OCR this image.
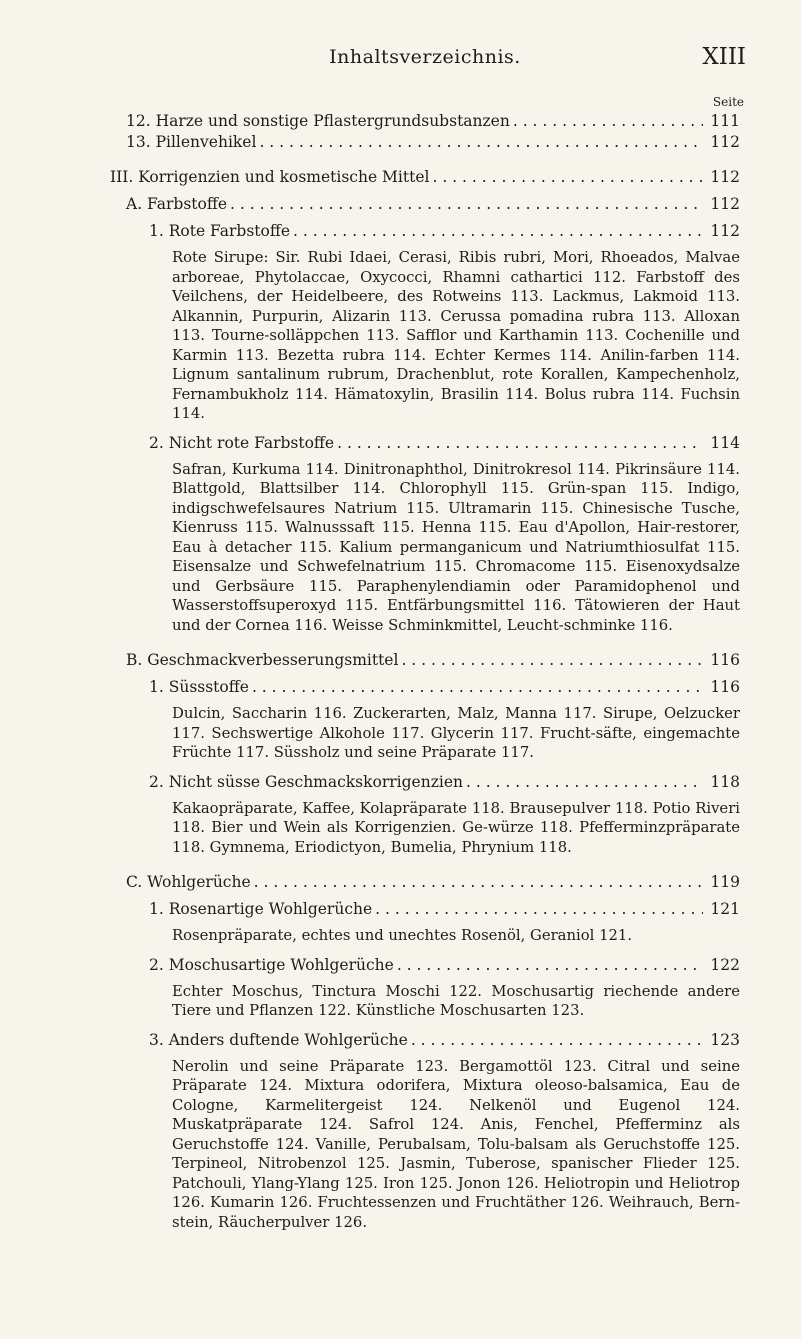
Inhaltsverzeichnis.	XIII
Seite
12. Harze und sonstige Pflastergrundsubstanzen . . .	111
13. Pillenvehikel . . .	112
III. Korrigenzien und kosmetische Mittel . . .	112
A. Farbstoffe . . .	112
1. Rote Farbstoffe . . .	112
Rote Sirupe: Sir. Rubi Idaei, Cerasi, Ribis rubri, Mori, Rhoeados, Malvae arboreae, Phytolaccae, Oxycocci, Rhamni cathartici 112. Farbstoff des Veilchens, der Heidelbeere, des Rotweins 113. Lackmus, Lakmoid 113. Alkannin, Purpurin, Alizarin 113. Cerussa pomadina rubra 113. Alloxan 113. Tourne-solläppchen 113. Safflor und Karthamin 113. Cochenille und Karmin 113. Bezetta rubra 114. Echter Kermes 114. Anilin-farben 114. Lignum santalinum rubrum, Drachenblut, rote Korallen, Kampechenholz, Fernambukholz 114. Hämatoxylin, Brasilin 114. Bolus rubra 114. Fuchsin 114.
2. Nicht rote Farbstoffe . . .	114
Safran, Kurkuma 114. Dinitronaphthol, Dinitrokresol 114. Pikrinsäure 114. Blattgold, Blattsilber 114. Chlorophyll 115. Grün-span 115. Indigo, indigschwefelsaures Natrium 115. Ultramarin 115. Chinesische Tusche, Kienruss 115. Walnusssaft 115. Henna 115. Eau d'Apollon, Hair-restorer, Eau à detacher 115. Kalium permanganicum und Natriumthiosulfat 115. Eisensalze und Schwefelnatrium 115. Chromacome 115. Eisenoxydsalze und Gerbsäure 115. Paraphenylendiamin oder Paramidophenol und Wasserstoffsuperoxyd 115. Entfärbungsmittel 116. Tätowieren der Haut und der Cornea 116. Weisse Schminkmittel, Leucht-schminke 116.
B. Geschmackverbesserungsmittel . . .	116
1. Süssstoffe . . .	116
Dulcin, Saccharin 116. Zuckerarten, Malz, Manna 117. Sirupe, Oelzucker 117. Sechswertige Alkohole 117. Glycerin 117. Frucht-säfte, eingemachte Früchte 117. Süssholz und seine Präparate 117.
2. Nicht süsse Geschmackskorrigenzien . . .	118
Kakaopräparate, Kaffee, Kolapräparate 118. Brausepulver 118. Potio Riveri 118. Bier und Wein als Korrigenzien. Ge-würze 118. Pfefferminzpräparate 118. Gymnema, Eriodictyon, Bumelia, Phrynium 118.
C. Wohlgerüche . . .	119
1. Rosenartige Wohlgerüche . . .	121
Rosenpräparate, echtes und unechtes Rosenöl, Geraniol 121.
2. Moschusartige Wohlgerüche . . .	122
Echter Moschus, Tinctura Moschi 122. Moschusartig riechende andere Tiere und Pflanzen 122. Künstliche Moschusarten 123.
3. Anders duftende Wohlgerüche . . .	123
Nerolin und seine Präparate 123. Bergamottöl 123. Citral und seine Präparate 124. Mixtura odorifera, Mixtura oleoso-balsamica, Eau de Cologne, Karmelitergeist 124. Nelkenöl und Eugenol 124. Muskatpräparate 124. Safrol 124. Anis, Fenchel, Pfefferminz als Geruchstoffe 124. Vanille, Perubalsam, Tolu-balsam als Geruchstoffe 125. Terpineol, Nitrobenzol 125. Jasmin, Tuberose, spanischer Flieder 125. Patchouli, Ylang-Ylang 125. Iron 125. Jonon 126. Heliotropin und Heliotrop 126. Kumarin 126. Fruchtessenzen und Fruchtäther 126. Weihrauch, Bern-stein, Räucherpulver 126.
